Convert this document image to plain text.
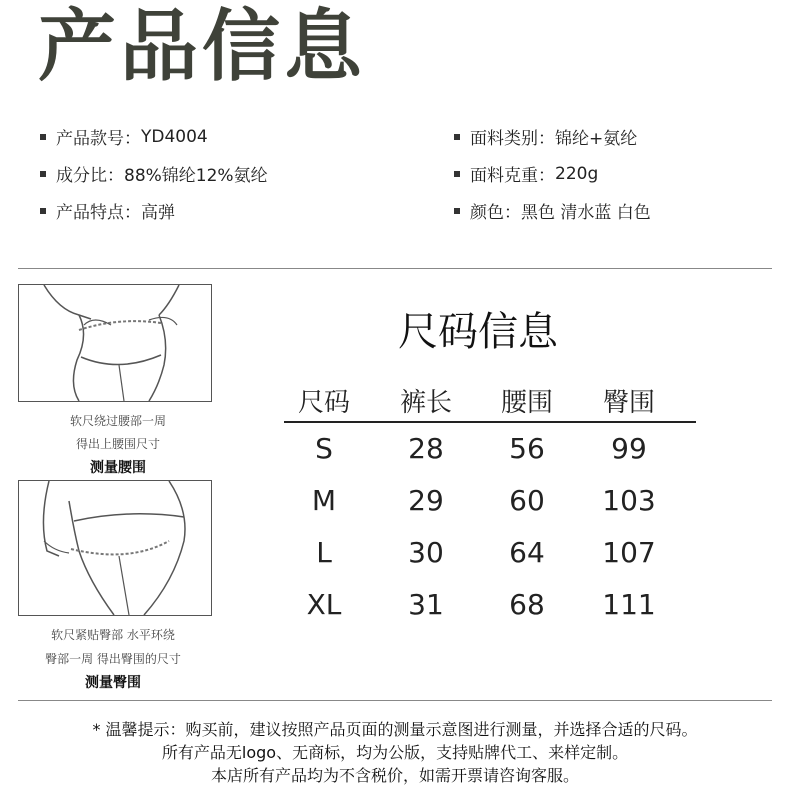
产品信息
产品款号： YD4004
成分比： 88%锦纶12%氨纶
产品特点： 高弹
面料类别： 锦纶+氨纶
面料克重： 220g
颜色： 黑色 清水蓝 白色
软尺绕过腰部一周
得出上腰围尺寸
测量腰围
软尺紧贴臀部 水平环绕
臀部一周 得出臀围的尺寸
测量臀围
尺码信息
尺码	裤长	腰围	臀围
S	28	56	99
M	29	60	103
L	30	64	107
XL	31	68	111
* 温馨提示：购买前，建议按照产品页面的测量示意图进行测量，并选择合适的尺码。
所有产品无logo、无商标，均为公版，支持贴牌代工、来样定制。
本店所有产品均为不含税价，如需开票请咨询客服。
